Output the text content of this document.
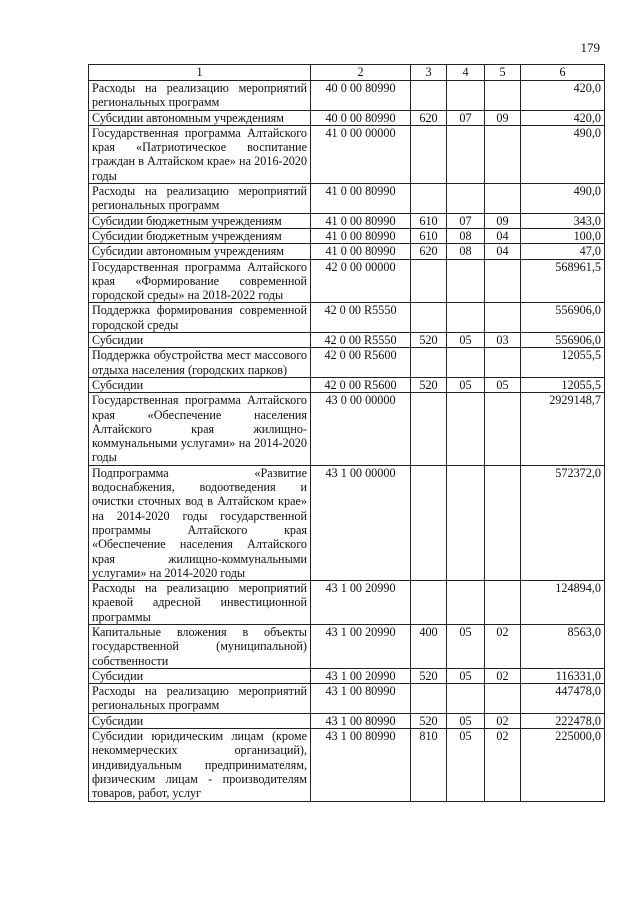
179
1	2	3	4	5	6
Расходы на реализацию мероприятий региональных программ	40 0 00 80990				420,0
Субсидии автономным учреждениям	40 0 00 80990	620	07	09	420,0
Государственная программа Алтайского края «Патриотическое воспитание граждан в Алтайском крае» на 2016-2020 годы	41 0 00 00000				490,0
Расходы на реализацию мероприятий региональных программ	41 0 00 80990				490,0
Субсидии бюджетным учреждениям	41 0 00 80990	610	07	09	343,0
Субсидии бюджетным учреждениям	41 0 00 80990	610	08	04	100,0
Субсидии автономным учреждениям	41 0 00 80990	620	08	04	47,0
Государственная программа Алтайского края «Формирование современной городской среды» на 2018-2022 годы	42 0 00 00000				568961,5
Поддержка формирования современной городской среды	42 0 00 R5550				556906,0
Субсидии	42 0 00 R5550	520	05	03	556906,0
Поддержка обустройства мест массового отдыха населения (городских парков)	42 0 00 R5600				12055,5
Субсидии	42 0 00 R5600	520	05	05	12055,5
Государственная программа Алтайского края «Обеспечение населения Алтайского края жилищно-коммунальными услугами» на 2014-2020 годы	43 0 00 00000				2929148,7
Подпрограмма «Развитие водоснабжения, водоотведения и очистки сточных вод в Алтайском крае» на 2014-2020 годы государственной программы Алтайского края «Обеспечение населения Алтайского края жилищно-коммунальными услугами» на 2014-2020 годы	43 1 00 00000				572372,0
Расходы на реализацию мероприятий краевой адресной инвестиционной программы	43 1 00 20990				124894,0
Капитальные вложения в объекты государственной (муниципальной) собственности	43 1 00 20990	400	05	02	8563,0
Субсидии	43 1 00 20990	520	05	02	116331,0
Расходы на реализацию мероприятий региональных программ	43 1 00 80990				447478,0
Субсидии	43 1 00 80990	520	05	02	222478,0
Субсидии юридическим лицам (кроме некоммерческих организаций), индивидуальным предпринимателям, физическим лицам - производителям товаров, работ, услуг	43 1 00 80990	810	05	02	225000,0
